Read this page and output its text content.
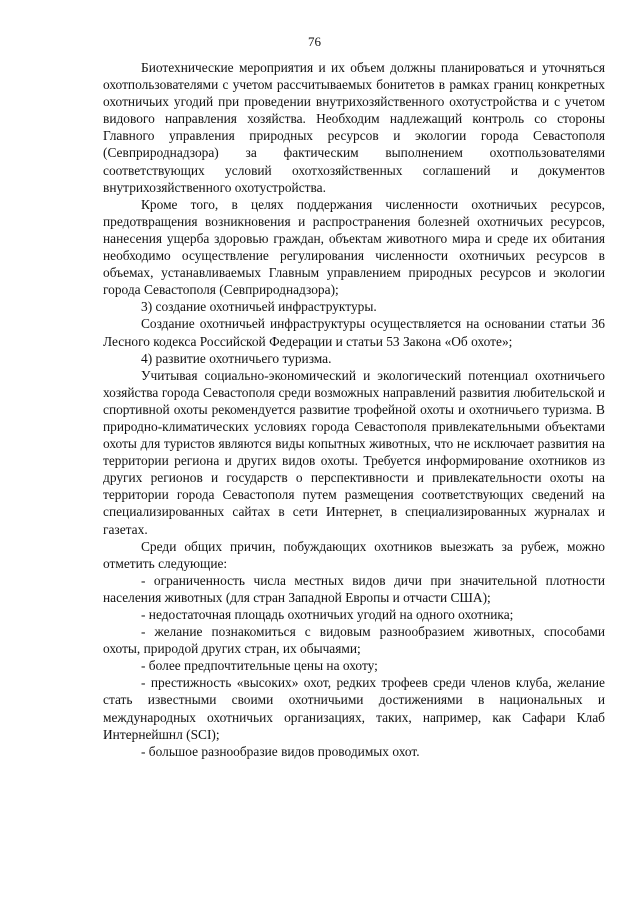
76

Биотехнические мероприятия и их объем должны планироваться и уточняться охотпользователями с учетом рассчитываемых бонитетов в рамках границ конкретных охотничьих угодий при проведении внутрихозяйственного охотустройства и с учетом видового направления хозяйства. Необходим надлежащий контроль со стороны Главного управления природных ресурсов и экологии города Севастополя (Севприроднадзора) за фактическим выполнением охотпользователями соответствующих условий охотхозяйственных соглашений и документов внутрихозяйственного охотустройства.

Кроме того, в целях поддержания численности охотничьих ресурсов, предотвращения возникновения и распространения болезней охотничьих ресурсов, нанесения ущерба здоровью граждан, объектам животного мира и среде их обитания необходимо осуществление регулирования численности охотничьих ресурсов в объемах, устанавливаемых Главным управлением природных ресурсов и экологии города Севастополя (Севприроднадзора);

3) создание охотничьей инфраструктуры.

Создание охотничьей инфраструктуры осуществляется на основании статьи 36 Лесного кодекса Российской Федерации и статьи 53 Закона «Об охоте»;

4) развитие охотничьего туризма.

Учитывая социально-экономический и экологический потенциал охотничьего хозяйства города Севастополя среди возможных направлений развития любительской и спортивной охоты рекомендуется развитие трофейной охоты и охотничьего туризма. В природно-климатических условиях города Севастополя привлекательными объектами охоты для туристов являются виды копытных животных, что не исключает развития на территории региона и других видов охоты. Требуется информирование охотников из других регионов и государств о перспективности и привлекательности охоты на территории города Севастополя путем размещения соответствующих сведений на специализированных сайтах в сети Интернет, в специализированных журналах и газетах.

Среди общих причин, побуждающих охотников выезжать за рубеж, можно отметить следующие:

- ограниченность числа местных видов дичи при значительной плотности населения животных (для стран Западной Европы и отчасти США);

- недостаточная площадь охотничьих угодий на одного охотника;

- желание познакомиться с видовым разнообразием животных, способами охоты, природой других стран, их обычаями;

- более предпочтительные цены на охоту;

- престижность «высоких» охот, редких трофеев среди членов клуба, желание стать известными своими охотничьими достижениями в национальных и международных охотничьих организациях, таких, например, как Сафари Клаб Интернейшнл (SCI);

- большое разнообразие видов проводимых охот.
